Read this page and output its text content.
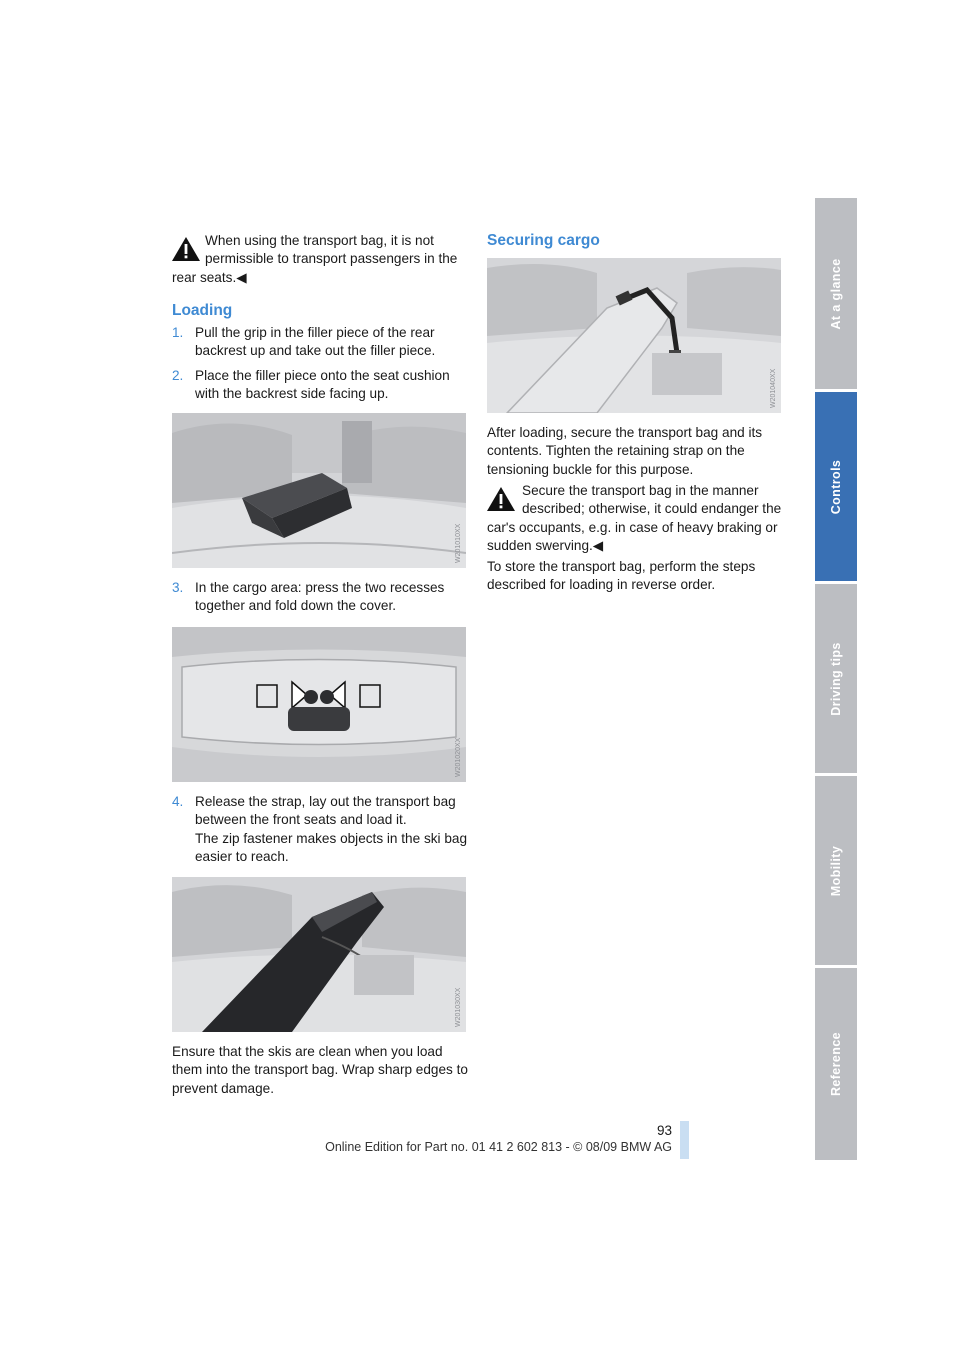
When using the transport bag, it is not permissible to transport passengers in the rear seats.◀
Loading
1. Pull the grip in the filler piece of the rear backrest up and take out the filler piece.
2. Place the filler piece onto the seat cushion with the backrest side facing up.
W201010XX
3. In the cargo area: press the two recesses together and fold down the cover.
W201020XX
4. Release the strap, lay out the transport bag between the front seats and load it.
The zip fastener makes objects in the ski bag easier to reach.
W201030XX

Ensure that the skis are clean when you load them into the transport bag. Wrap sharp edges to prevent damage.

Securing cargo
W201040XX

After loading, secure the transport bag and its contents. Tighten the retaining strap on the tensioning buckle for this purpose.

Secure the transport bag in the manner described; otherwise, it could endanger the car's occupants, e.g. in case of heavy braking or sudden swerving.◀

To store the transport bag, perform the steps described for loading in reverse order.

At a glance
Controls
Driving tips
Mobility
Reference
93
Online Edition for Part no. 01 41 2 602 813 - © 08/09 BMW AG
